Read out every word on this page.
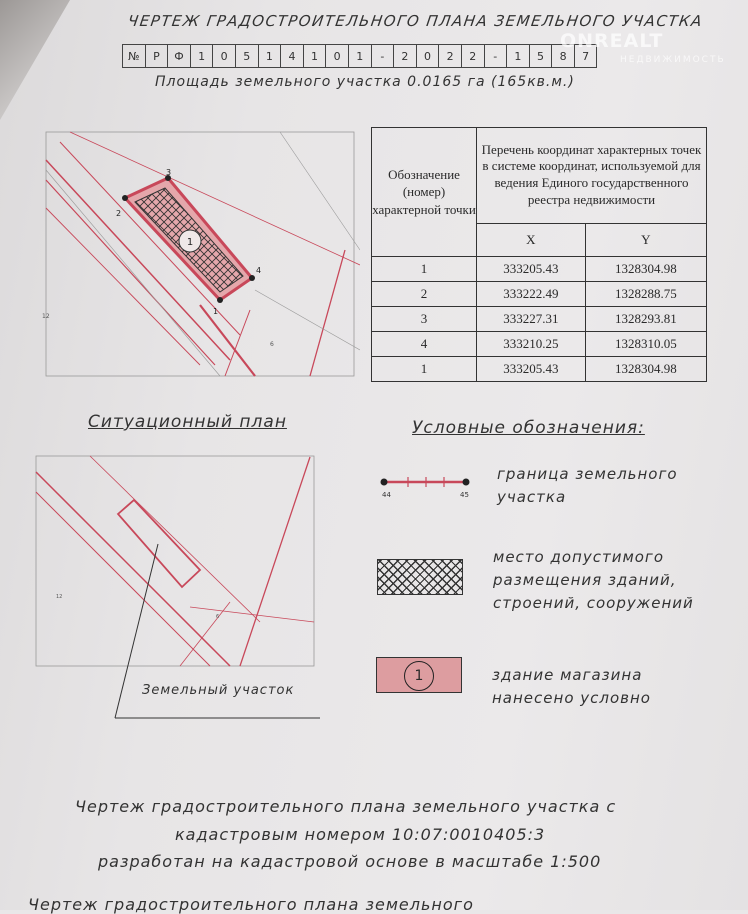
ЧЕРТЕЖ ГРАДОСТРОИТЕЛЬНОГО ПЛАНА ЗЕМЕЛЬНОГО УЧАСТКА
№	Р	Ф	1	0	5	1	4	1	0	1	-	2	0	2	2	-	1	5	8	7
ONREALT
НЕДВИЖИМОСТЬ
Площадь земельного участка 0.0165 га (165кв.м.)
1
1
2
3
4
12
6
Обозначение (номер) характерной точки	Перечень координат характерных точек в системе координат, используемой для ведения Единого государственного реестра недвижимости	
	X	Y
1	333205.43	1328304.98
2	333222.49	1328288.75
3	333227.31	1328293.81
4	333210.25	1328310.05
1	333205.43	1328304.98
Ситуационный план	Условные обозначения:
12
6
Земельный участок
44	45
граница земельного
участка
место допустимого
размещения зданий,
строений, сооружений
1	здание магазина
нанесено условно
Чертеж градостроительного плана земельного участка с
кадастровым номером 10:07:0010405:3
разработан на кадастровой основе в масштабе 1:500
Чертеж градостроительного плана земельного
